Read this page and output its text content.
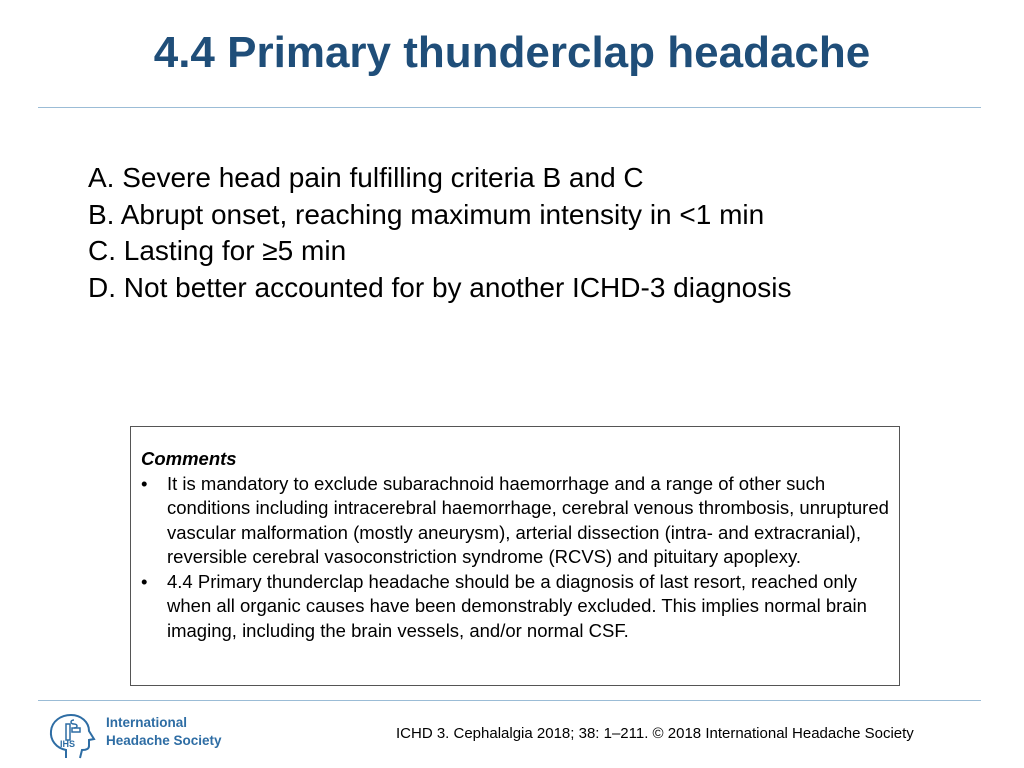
4.4 Primary thunderclap headache
A. Severe head pain fulfilling criteria B and C
B. Abrupt onset, reaching maximum intensity in <1 min
C. Lasting for ≥5 min
D. Not better accounted for by another ICHD-3 diagnosis
Comments
• It is mandatory to exclude subarachnoid haemorrhage and a range of other such conditions including intracerebral haemorrhage, cerebral venous thrombosis, unruptured vascular malformation (mostly aneurysm), arterial dissection (intra- and extracranial), reversible cerebral vasoconstriction syndrome (RCVS) and pituitary apoplexy.
• 4.4 Primary thunderclap headache should be a diagnosis of last resort, reached only when all organic causes have been demonstrably excluded. This implies normal brain imaging, including the brain vessels, and/or normal CSF.
IHS
International
Headache Society	ICHD 3. Cephalalgia 2018; 38: 1–211. © 2018 International Headache Society
